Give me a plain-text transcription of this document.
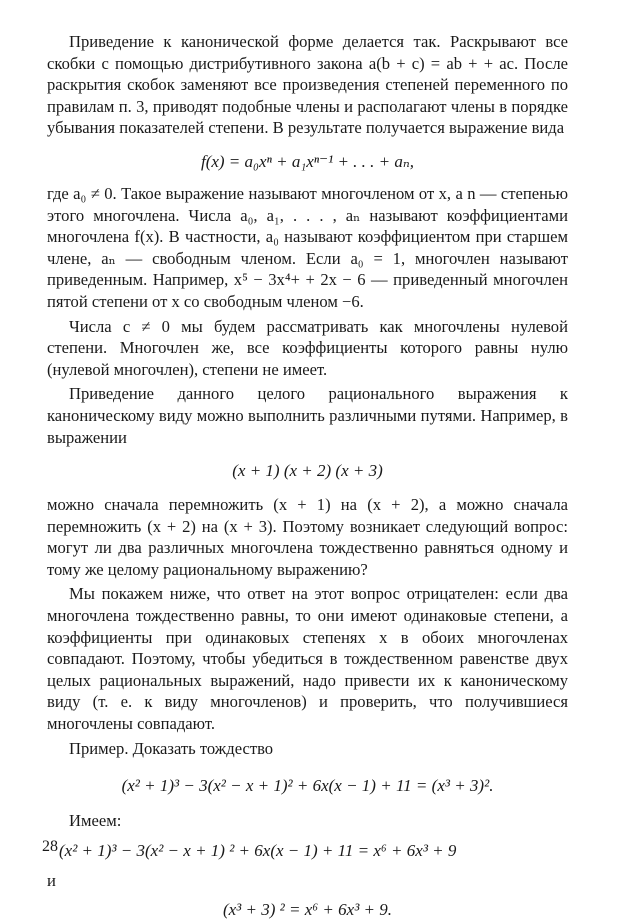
Приведение к канонической форме делается так. Раскрывают все скобки с помощью дистрибутивного закона a(b + c) = ab + + ac. После раскрытия скобок заменяют все произведения степеней переменного по правилам п. 3, приводят подобные члены и располагают члены в порядке убывания показателей степени. В результате получается выражение вида

f(x) = a₀xⁿ + a₁xⁿ⁻¹ + . . . + aₙ,

где a₀ ≠ 0. Такое выражение называют многочленом от x, а n — степенью этого многочлена. Числа a₀, a₁, . . . , aₙ называют коэффициентами многочлена f(x). В частности, a₀ называют коэффициентом при старшем члене, aₙ — свободным членом. Если a₀ = 1, многочлен называют приведенным. Например, x⁵ − 3x⁴+ + 2x − 6 — приведенный многочлен пятой степени от x со свободным членом −6.

Числа c ≠ 0 мы будем рассматривать как многочлены нулевой степени. Многочлен же, все коэффициенты которого равны нулю (нулевой многочлен), степени не имеет.

Приведение данного целого рационального выражения к каноническому виду можно выполнить различными путями. Например, в выражении

(x + 1) (x + 2) (x + 3)

можно сначала перемножить (x + 1) на (x + 2), а можно сначала перемножить (x + 2) на (x + 3). Поэтому возникает следующий вопрос: могут ли два различных многочлена тождественно равняться одному и тому же целому рациональному выражению?

Мы покажем ниже, что ответ на этот вопрос отрицателен: если два многочлена тождественно равны, то они имеют одинаковые степени, а коэффициенты при одинаковых степенях x в обоих многочленах совпадают. Поэтому, чтобы убедиться в тождественном равенстве двух целых рациональных выражений, надо привести их к каноническому виду (т. е. к виду многочленов) и проверить, что получившиеся многочлены совпадают.

Пример. Доказать тождество

(x² + 1)³ − 3(x² − x + 1)² + 6x(x − 1) + 11 = (x³ + 3)².

Имеем:

(x² + 1)³ − 3(x² − x + 1) ² + 6x(x − 1) + 11 = x⁶ + 6x³ + 9

и

(x³ + 3) ² = x⁶ + 6x³ + 9.
28
